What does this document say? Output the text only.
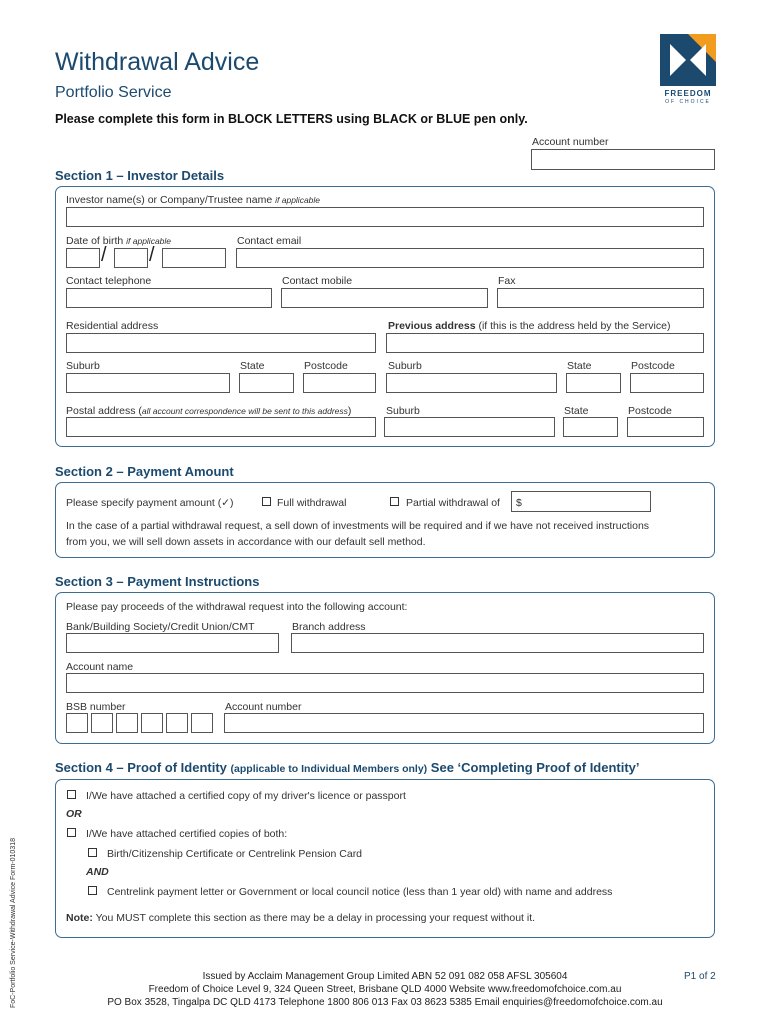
Withdrawal Advice
Portfolio Service
Please complete this form in BLOCK LETTERS using BLACK or BLUE pen only.
FREEDOM
OF CHOICE
Account number
Section 1 – Investor Details
Investor name(s) or Company/Trustee name if applicable
Date of birth if applicable
/ /
Contact email
Contact telephone	Contact mobile	Fax
Residential address	Previous address (if this is the address held by the Service)
Suburb	State	Postcode	Suburb	State	Postcode
Postal address (all account correspondence will be sent to this address)	Suburb	State	Postcode
Section 2 – Payment Amount
Please specify payment amount (✓)	Full withdrawal	Partial withdrawal of $
In the case of a partial withdrawal request, a sell down of investments will be required and if we have not received instructions
from you, we will sell down assets in accordance with our default sell method.
Section 3 – Payment Instructions
Please pay proceeds of the withdrawal request into the following account:
Bank/Building Society/Credit Union/CMT	Branch address
Account name
BSB number	Account number
Section 4 – Proof of Identity (applicable to Individual Members only) See ‘Completing Proof of Identity’
I/We have attached a certified copy of my driver's licence or passport
OR
I/We have attached certified copies of both:
Birth/Citizenship Certificate or Centrelink Pension Card
AND
Centrelink payment letter or Government or local council notice (less than 1 year old) with name and address
Note: You MUST complete this section as there may be a delay in processing your request without it.
Issued by Acclaim Management Group Limited ABN 52 091 082 058 AFSL 305604	P1 of 2
Freedom of Choice Level 9, 324 Queen Street, Brisbane QLD 4000 Website www.freedomofchoice.com.au
PO Box 3528, Tingalpa DC QLD 4173 Telephone 1800 806 013 Fax 03 8623 5385 Email enquiries@freedomofchoice.com.au
FoC-Portfolio Service-Withdrawal Advice Form-010318
